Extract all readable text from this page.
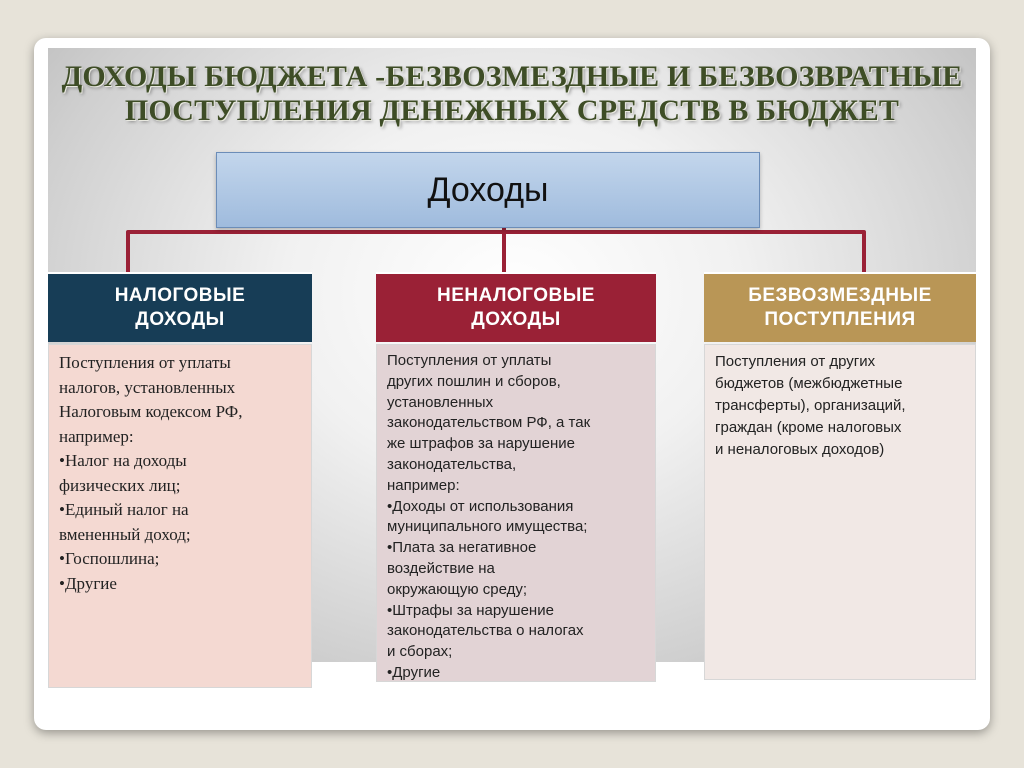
ДОХОДЫ БЮДЖЕТА -БЕЗВОЗМЕЗДНЫЕ И БЕЗВОЗВРАТНЫЕ
ПОСТУПЛЕНИЯ ДЕНЕЖНЫХ СРЕДСТВ В БЮДЖЕТ
Доходы
НАЛОГОВЫЕ
ДОХОДЫ

Поступления от уплаты

налогов, установленных

Налоговым кодексом РФ,

например:

•Налог на доходы

физических лиц;

•Единый налог на

вмененный доход;

•Госпошлина;

•Другие

НЕНАЛОГОВЫЕ
ДОХОДЫ

Поступления от уплаты

других пошлин и сборов,

установленных

законодательством РФ, а так

же штрафов за нарушение

законодательства,

например:

•Доходы от использования

муниципального имущества;

•Плата за негативное

воздействие на

окружающую среду;

•Штрафы за нарушение

законодательства о налогах

и сборах;

•Другие

БЕЗВОЗМЕЗДНЫЕ
ПОСТУПЛЕНИЯ

Поступления от других

бюджетов (межбюджетные

трансферты), организаций,

граждан (кроме налоговых

и неналоговых доходов)
